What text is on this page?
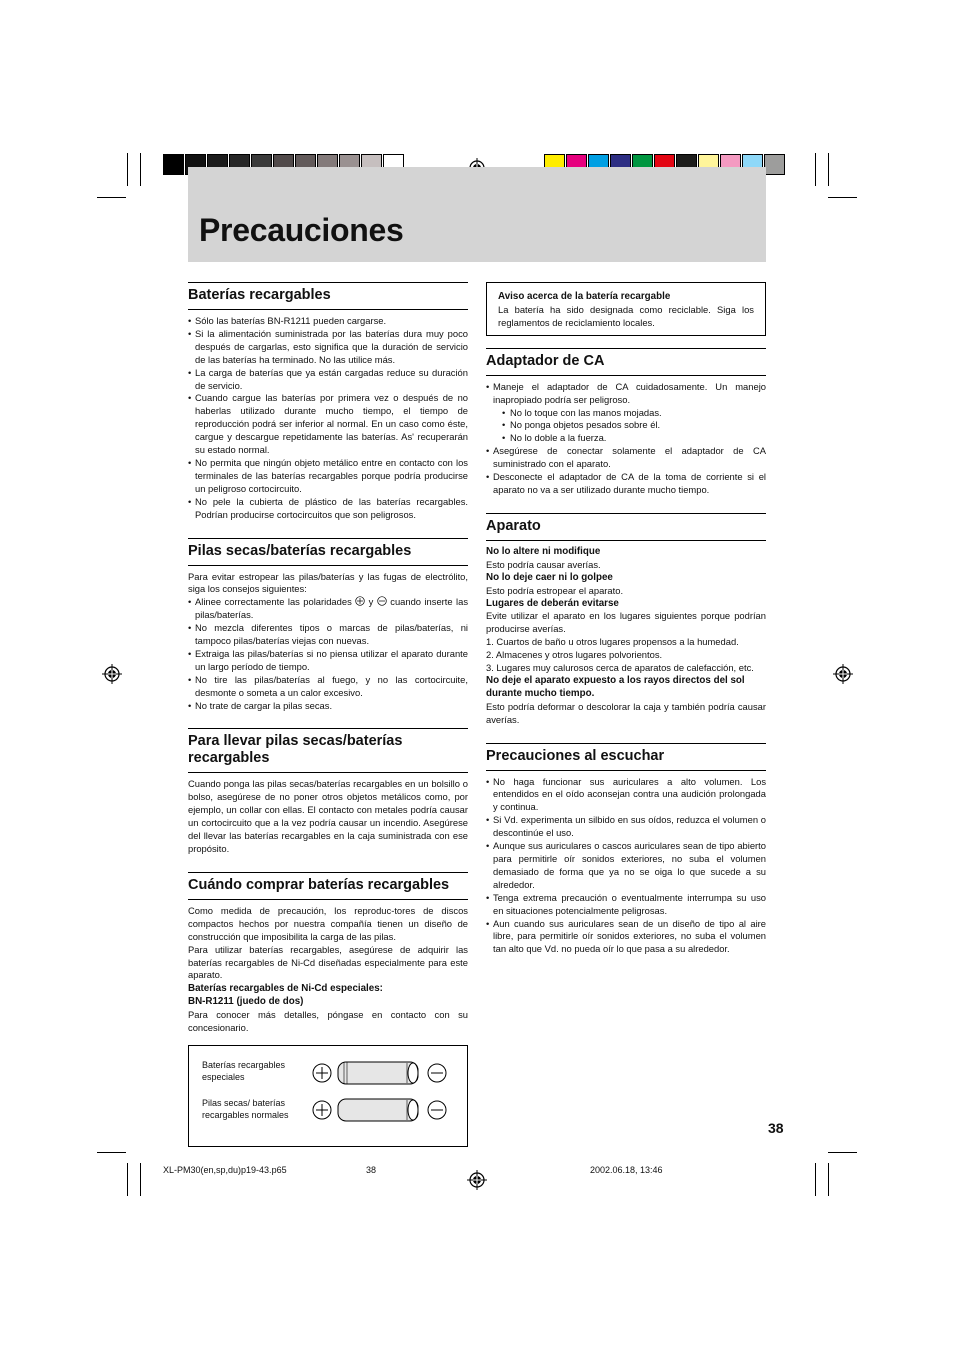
Precauciones
Baterías recargables
• Sólo las baterías BN-R1211 pueden cargarse.
• Si la alimentación suministrada por las baterías dura muy poco después de cargarlas, esto significa que la duración de servicio de las baterías ha terminado. No las utilice más.
• La carga de baterías que ya están cargadas reduce su duración de servicio.
• Cuando cargue las baterías por primera vez o después de no haberlas utilizado durante mucho tiempo, el tiempo de reproducción podrá ser inferior al normal. En un caso como éste, cargue y descargue repetidamente las baterías. As' recuperarán su estado normal.
• No permita que ningún objeto metálico entre en contacto con los terminales de las baterías recargables porque podría producirse un peligroso cortocircuito.
• No pele la cubierta de plástico de las baterías recargables. Podrían producirse cortocircuitos que son peligrosos.
Pilas secas/baterías recargables

Para evitar estropear las pilas/baterías y las fugas de electrólito, siga los consejos siguientes:

• Alinee correctamente las polaridades y cuando inserte las pilas/baterías.
• No mezcla diferentes tipos o marcas de pilas/baterías, ni tampoco pilas/baterías viejas con nuevas.
• Extraiga las pilas/baterías si no piensa utilizar el aparato durante un largo período de tiempo.
• No tire las pilas/baterías al fuego, y no las cortocircuite, desmonte o someta a un calor excesivo.
• No trate de cargar la pilas secas.
Para llevar pilas secas/baterías recargables

Cuando ponga las pilas secas/baterías recargables en un bolsillo o bolso, asegúrese de no poner otros objetos metálicos como, por ejemplo, un collar con ellas. El contacto con metales podría causar un cortocircuito que a la vez podría causar un incendio. Asegúrese del llevar las baterías recargables en la caja suministrada con ese propósito.

Cuándo comprar baterías recargables

Como medida de precaución, los reproduc-tores de discos compactos hechos por nuestra compañía tienen un diseño de construcción que imposibilita la carga de las pilas.

Para utilizar baterías recargables, asegúrese de adquirir las baterías recargables de Ni-Cd diseñadas especialmente para este aparato.

Baterías recargables de Ni-Cd especiales:
BN-R1211 (juedo de dos)

Para conocer más detalles, póngase en contacto con su concesionario.

Baterías recargables especiales
Pilas secas/ baterías recargables normales
Aviso acerca de la batería recargable

La batería ha sido designada como reciclable. Siga los reglamentos de reciclamiento locales.

Adaptador de CA
• Maneje el adaptador de CA cuidadosamente. Un manejo inapropiado podría ser peligroso.
• No lo toque con las manos mojadas.
• No ponga objetos pesados sobre él.
• No lo doble a la fuerza.
• Asegúrese de conectar solamente el adaptador de CA suministrado con el aparato.
• Desconecte el adaptador de CA de la toma de corriente si el aparato no va a ser utilizado durante mucho tiempo.
Aparato
No lo altere ni modifique

Esto podría causar averías.

No lo deje caer ni lo golpee

Esto podría estropear el aparato.

Lugares de deberán evitarse

Evite utilizar el aparato en los lugares siguientes porque podrían producirse averías.

1. Cuartos de baño u otros lugares propensos a la humedad.
2. Almacenes y otros lugares polvorientos.
3. Lugares muy calurosos cerca de aparatos de calefacción, etc.
No deje el aparato expuesto a los rayos directos del sol durante mucho tiempo.

Esto podría deformar o descolorar la caja y también podría causar averías.

Precauciones al escuchar
• No haga funcionar sus auriculares a alto volumen. Los entendidos en el oído aconsejan contra una audición prolongada y continua.
• Si Vd. experimenta un silbido en sus oídos, reduzca el volumen o descontinúe el uso.
• Aunque sus auriculares o cascos auriculares sean de tipo abierto para permitirle oír sonidos exteriores, no suba el volumen demasiado de forma que ya no se oiga lo que sucede a su alrededor.
• Tenga extrema precaución o eventualmente interrumpa su uso en situaciones potencialmente peligrosas.
• Aun cuando sus auriculares sean de un diseño de tipo al aire libre, para permitirle oír sonidos exteriores, no suba el volumen tan alto que Vd. no pueda oír lo que pasa a su alrededor.
38
XL-PM30(en,sp,du)p19-43.p65	38	2002.06.18, 13:46
